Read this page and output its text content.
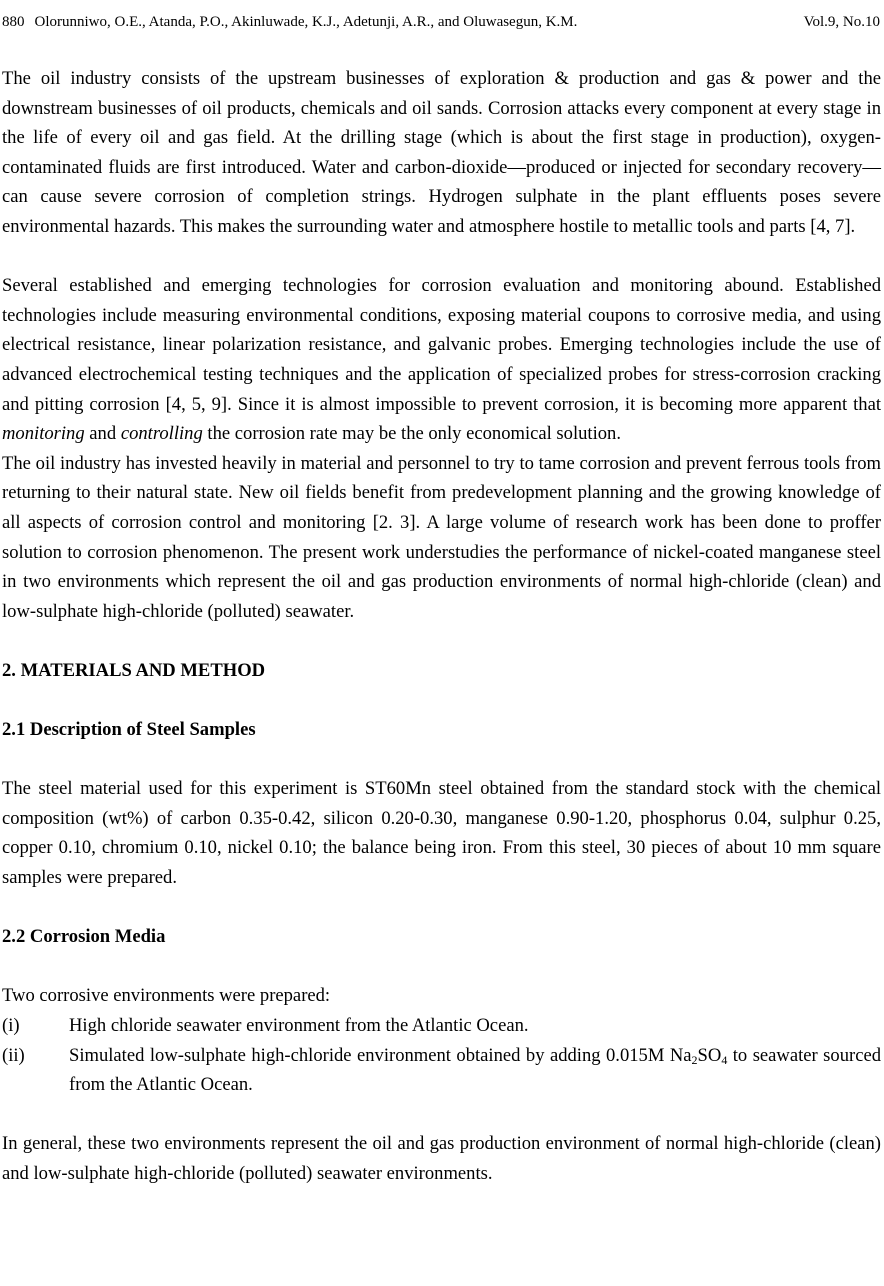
880 Olorunniwo, O.E., Atanda, P.O., Akinluwade, K.J., Adetunji, A.R., and Oluwasegun, K.M.	Vol.9, No.10

The oil industry consists of the upstream businesses of exploration & production and gas & power and the downstream businesses of oil products, chemicals and oil sands. Corrosion attacks every component at every stage in the life of every oil and gas field. At the drilling stage (which is about the first stage in production), oxygen-contaminated fluids are first introduced. Water and carbon-dioxide—produced or injected for secondary recovery—can cause severe corrosion of completion strings. Hydrogen sulphate in the plant effluents poses severe environmental hazards. This makes the surrounding water and atmosphere hostile to metallic tools and parts [4, 7].

Several established and emerging technologies for corrosion evaluation and monitoring abound. Established technologies include measuring environmental conditions, exposing material coupons to corrosive media, and using electrical resistance, linear polarization resistance, and galvanic probes. Emerging technologies include the use of advanced electrochemical testing techniques and the application of specialized probes for stress-corrosion cracking and pitting corrosion [4, 5, 9]. Since it is almost impossible to prevent corrosion, it is becoming more apparent that monitoring and controlling the corrosion rate may be the only economical solution.

The oil industry has invested heavily in material and personnel to try to tame corrosion and prevent ferrous tools from returning to their natural state. New oil fields benefit from predevelopment planning and the growing knowledge of all aspects of corrosion control and monitoring [2. 3]. A large volume of research work has been done to proffer solution to corrosion phenomenon. The present work understudies the performance of nickel-coated manganese steel in two environments which represent the oil and gas production environments of normal high-chloride (clean) and low-sulphate high-chloride (polluted) seawater.

2. MATERIALS AND METHOD
2.1 Description of Steel Samples

The steel material used for this experiment is ST60Mn steel obtained from the standard stock with the chemical composition (wt%) of carbon 0.35-0.42, silicon 0.20-0.30, manganese 0.90-1.20, phosphorus 0.04, sulphur 0.25, copper 0.10, chromium 0.10, nickel 0.10; the balance being iron. From this steel, 30 pieces of about 10 mm square samples were prepared.

2.2 Corrosion Media

Two corrosive environments were prepared:

(i)	High chloride seawater environment from the Atlantic Ocean.
(ii)	Simulated low-sulphate high-chloride environment obtained by adding 0.015M $Na_2SO_4$ to seawater sourced from the Atlantic Ocean.

In general, these two environments represent the oil and gas production environment of normal high-chloride (clean) and low-sulphate high-chloride (polluted) seawater environments.
